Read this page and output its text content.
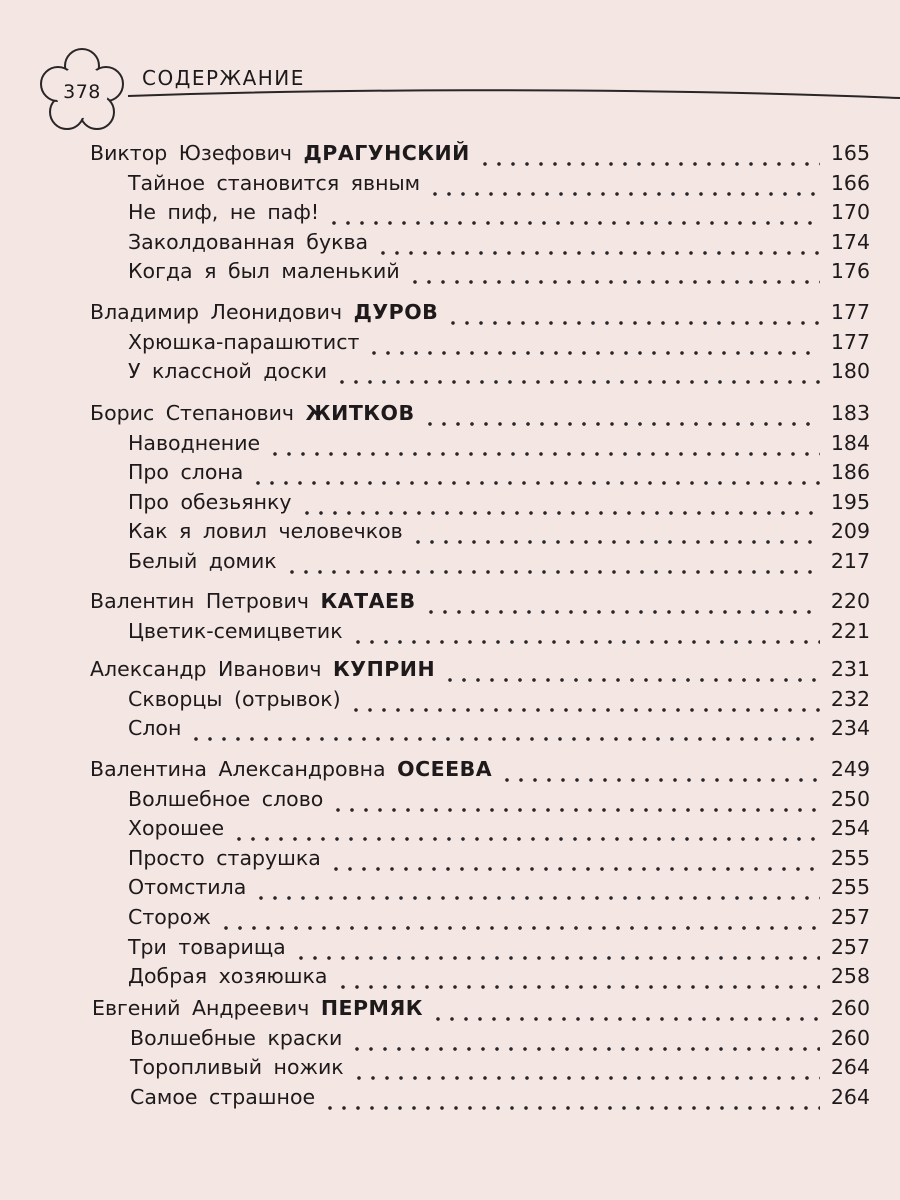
378
СОДЕРЖАНИЕ
Виктор Юзефович ДРАГУНСКИЙ	165
Тайное становится явным	166
Не пиф, не паф!	170
Заколдованная буква	174
Когда я был маленький	176
Владимир Леонидович ДУРОВ	177
Хрюшка-парашютист	177
У классной доски	180
Борис Степанович ЖИТКОВ	183
Наводнение	184
Про слона	186
Про обезьянку	195
Как я ловил человечков	209
Белый домик	217
Валентин Петрович КАТАЕВ	220
Цветик-семицветик	221
Александр Иванович КУПРИН	231
Скворцы (отрывок)	232
Слон	234
Валентина Александровна ОСЕЕВА	249
Волшебное слово	250
Хорошее	254
Просто старушка	255
Отомстила	255
Сторож	257
Три товарища	257
Добрая хозяюшка	258
Евгений Андреевич ПЕРМЯК	260
Волшебные краски	260
Торопливый ножик	264
Самое страшное	264
